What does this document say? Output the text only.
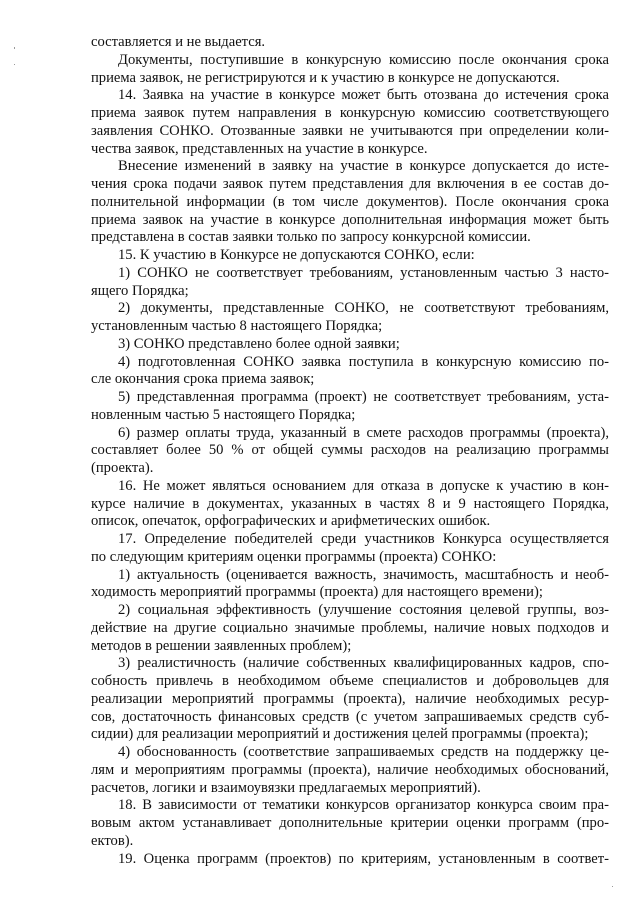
составляется и не выдается.
Документы, поступившие в конкурсную комиссию после окончания срока
приема заявок, не регистрируются и к участию в конкурсе не допускаются.
14. Заявка на участие в конкурсе может быть отозвана до истечения срока
приема заявок путем направления в конкурсную комиссию соответствующего
заявления СОНКО. Отозванные заявки не учитываются при определении коли-
чества заявок, представленных на участие в конкурсе.
Внесение изменений в заявку на участие в конкурсе допускается до исте-
чения срока подачи заявок путем представления для включения в ее состав до-
полнительной информации (в том числе документов). После окончания срока
приема заявок на участие в конкурсе дополнительная информация может быть
представлена в состав заявки только по запросу конкурсной комиссии.
15. К участию в Конкурсе не допускаются СОНКО, если:
1) СОНКО не соответствует требованиям, установленным частью 3 насто-
ящего Порядка;
2) документы, представленные СОНКО, не соответствуют требованиям,
установленным частью 8 настоящего Порядка;
3) СОНКО представлено более одной заявки;
4) подготовленная СОНКО заявка поступила в конкурсную комиссию по-
сле окончания срока приема заявок;
5) представленная программа (проект) не соответствует требованиям, уста-
новленным частью 5 настоящего Порядка;
6) размер оплаты труда, указанный в смете расходов программы (проекта),
составляет более 50 % от общей суммы расходов на реализацию программы
(проекта).
16. Не может являться основанием для отказа в допуске к участию в кон-
курсе наличие в документах, указанных в частях 8 и 9 настоящего Порядка,
описок, опечаток, орфографических и арифметических ошибок.
17. Определение победителей среди участников Конкурса осуществляется
по следующим критериям оценки программы (проекта) СОНКО:
1) актуальность (оценивается важность, значимость, масштабность и необ-
ходимость мероприятий программы (проекта) для настоящего времени);
2) социальная эффективность (улучшение состояния целевой группы, воз-
действие на другие социально значимые проблемы, наличие новых подходов и
методов в решении заявленных проблем);
3) реалистичность (наличие собственных квалифицированных кадров, спо-
собность привлечь в необходимом объеме специалистов и добровольцев для
реализации мероприятий программы (проекта), наличие необходимых ресур-
сов, достаточность финансовых средств (с учетом запрашиваемых средств суб-
сидии) для реализации мероприятий и достижения целей программы (проекта);
4) обоснованность (соответствие запрашиваемых средств на поддержку це-
лям и мероприятиям программы (проекта), наличие необходимых обоснований,
расчетов, логики и взаимоувязки предлагаемых мероприятий).
18. В зависимости от тематики конкурсов организатор конкурса своим пра-
вовым актом устанавливает дополнительные критерии оценки программ (про-
ектов).
19. Оценка программ (проектов) по критериям, установленным в соответ-
